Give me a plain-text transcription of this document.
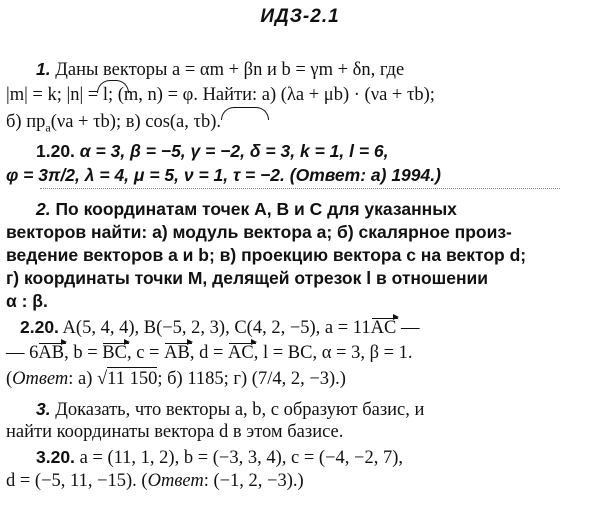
ИДЗ-2.1
1. Даны векторы a = αm + βn и b = γm + δn, где
|m| = k; |n| = l; (m, n) = φ. Найти: а) (λa + μb) · (νa + τb);
б) $пр_a(\nu a + \tau b)$; в) cos(a, τb).
1.20. α = 3, β = −5, γ = −2, δ = 3, k = 1, l = 6,
φ = 3π/2, λ = 4, μ = 5, ν = 1, τ = −2. (Ответ: а) 1994.)
2. По координатам точек A, B и C для указанных
векторов найти: а) модуль вектора a; б) скалярное произ-
ведение векторов a и b; в) проекцию вектора c на вектор d;
г) координаты точки M, делящей отрезок l в отношении
α : β.
2.20. A(5, 4, 4), B(−5, 2, 3), C(4, 2, −5), a = 11AC —
— 6AB, b = BC, c = AB, d = AC, l = BC, α = 3, β = 1.
(Ответ: а) √11 150; б) 1185; г) (7/4, 2, −3).)
3. Доказать, что векторы a, b, c образуют базис, и
найти координаты вектора d в этом базисе.
3.20. a = (11, 1, 2), b = (−3, 3, 4), c = (−4, −2, 7),
d = (−5, 11, −15). (Ответ: (−1, 2, −3).)
